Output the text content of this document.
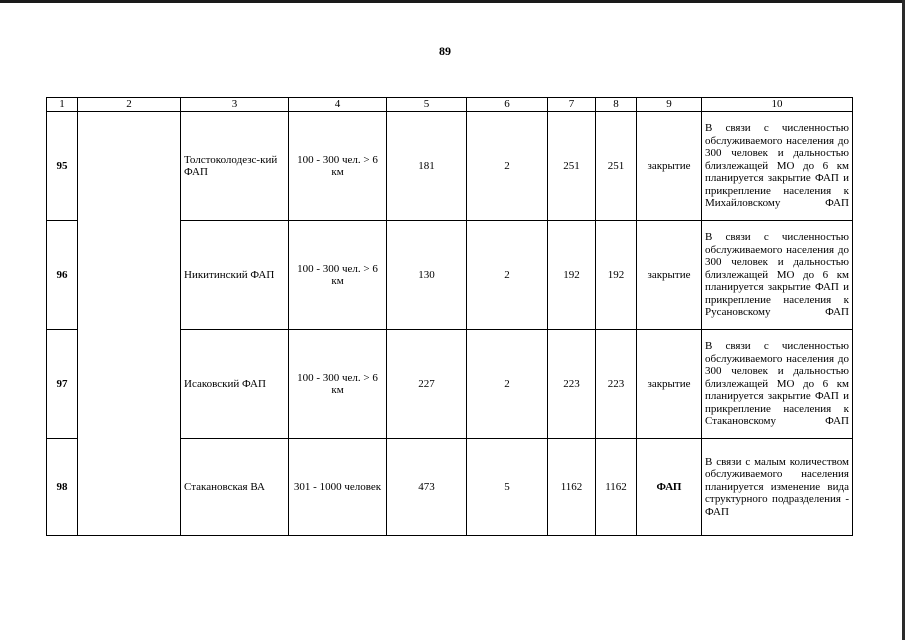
89
1	2	3	4	5	6	7	8	9	10
95		Толстоколодезс-кий ФАП	100 - 300 чел. > 6 км	181	2	251	251	закрытие	В связи с численностью обслуживаемого населения до 300 человек и дальностью близлежащей МО до 6 км планируется закрытие ФАП и прикрепление населения к Михайловскому ФАП
96		Никитинский ФАП	100 - 300 чел. > 6 км	130	2	192	192	закрытие	В связи с численностью обслуживаемого населения до 300 человек и дальностью близлежащей МО до 6 км планируется закрытие ФАП и прикрепление населения к Русановскому ФАП
97		Исаковский ФАП	100 - 300 чел. > 6 км	227	2	223	223	закрытие	В связи с численностью обслуживаемого населения до 300 человек и дальностью близлежащей МО до 6 км планируется закрытие ФАП и прикрепление населения к Стакановскому ФАП
98		Стакановская ВА	301 - 1000 человек	473	5	1162	1162	ФАП	В связи с малым количеством обслуживаемого населения планируется изменение вида структурного подразделения - ФАП
